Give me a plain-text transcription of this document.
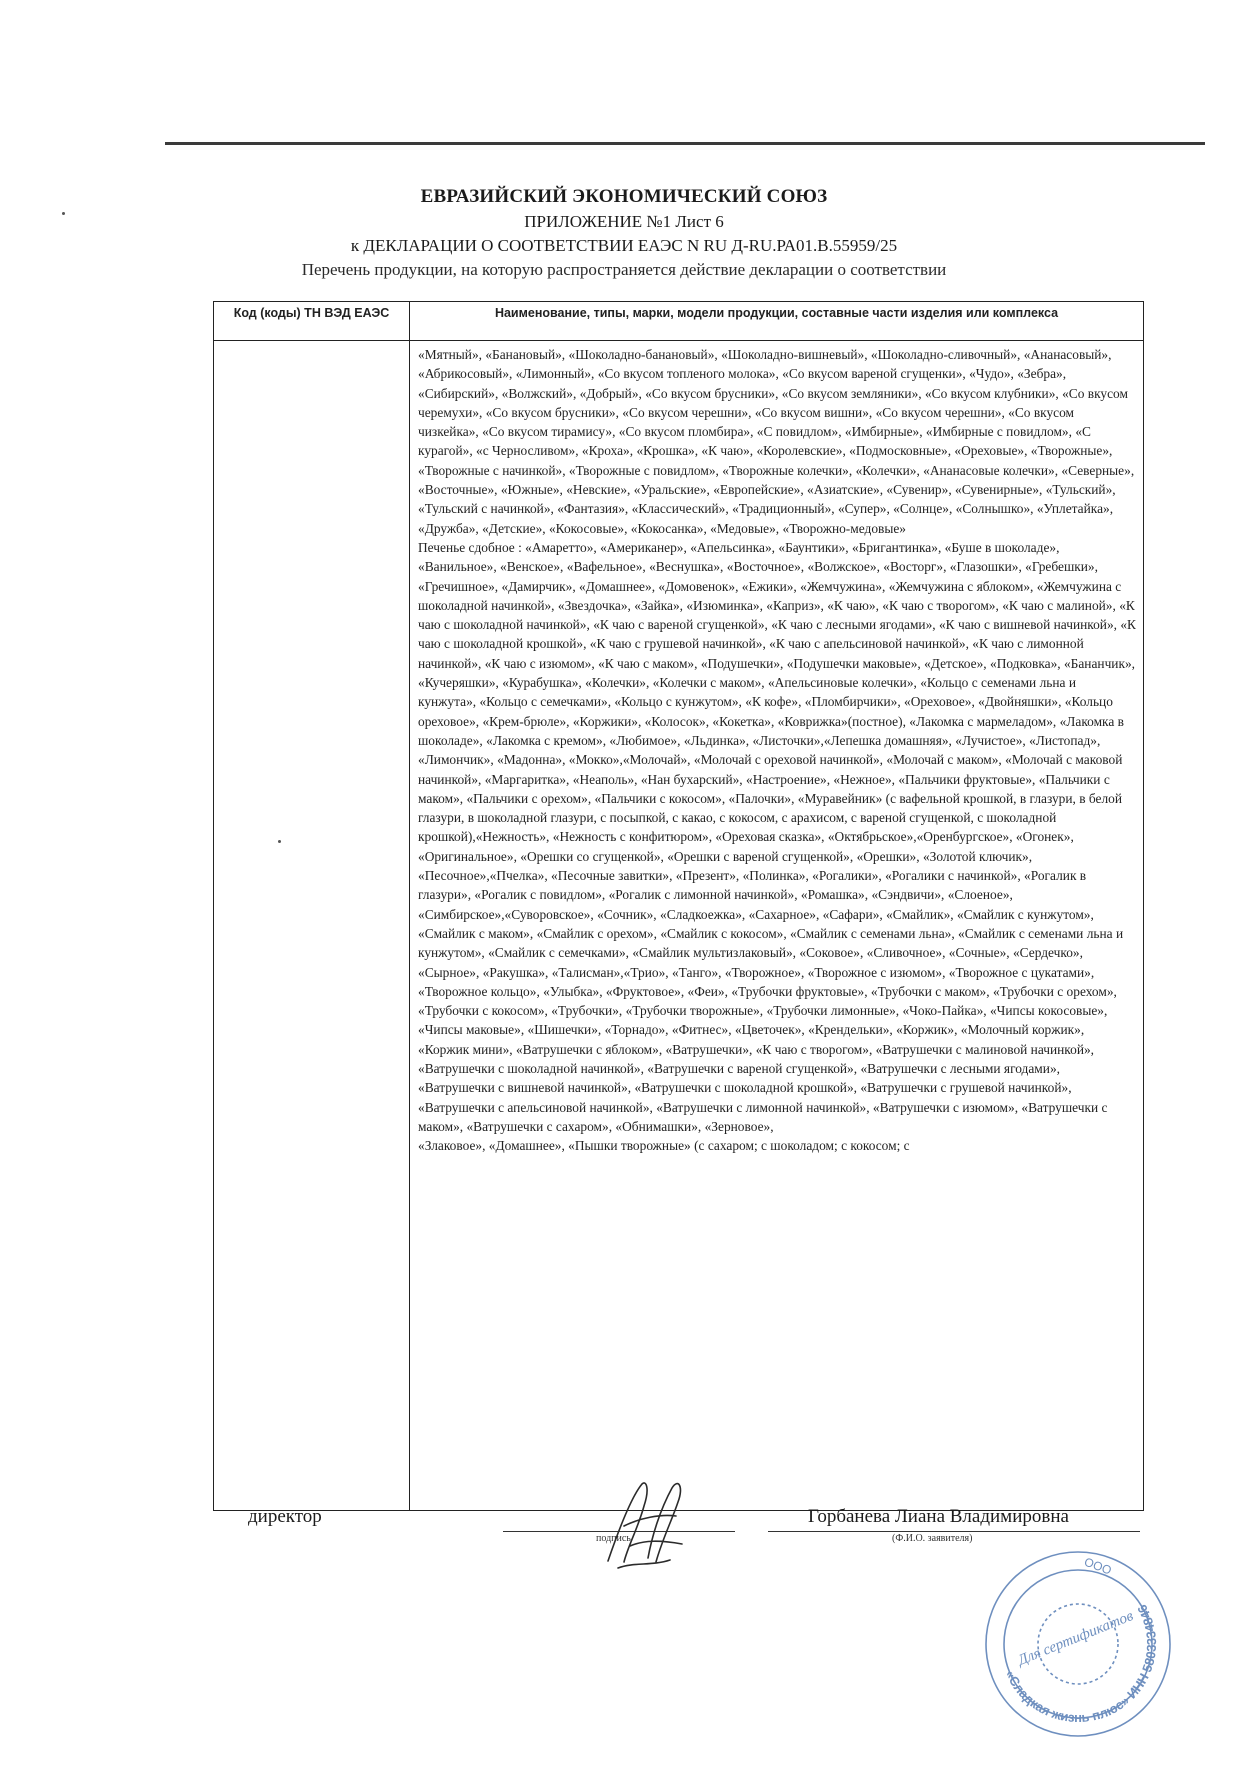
ЕВРАЗИЙСКИЙ ЭКОНОМИЧЕСКИЙ СОЮЗ
ПРИЛОЖЕНИЕ №1 Лист 6
к ДЕКЛАРАЦИИ О СООТВЕТСТВИИ ЕАЭС N RU Д-RU.РА01.В.55959/25
Перечень продукции, на которую распространяется действие декларации о соответствии
Код (коды) ТН ВЭД ЕАЭС	Наименование, типы, марки, модели продукции, составные части изделия или комплекса

	«Мятный», «Банановый», «Шоколадно-банановый», «Шоколадно-вишневый», «Шоколадно-сливочный», «Ананасовый», «Абрикосовый», «Лимонный», «Со вкусом топленого молока», «Со вкусом вареной сгущенки», «Чудо», «Зебра», «Сибирский», «Волжский», «Добрый», «Со вкусом брусники», «Со вкусом земляники», «Со вкусом клубники», «Со вкусом черемухи», «Со вкусом брусники», «Со вкусом черешни», «Со вкусом вишни», «Со вкусом черешни», «Со вкусом чизкейка», «Со вкусом тирамису», «Со вкусом пломбира», «С повидлом», «Имбирные», «Имбирные с повидлом», «С курагой», «с Черносливом», «Кроха», «Крошка», «К чаю», «Королевские», «Подмосковные», «Ореховые», «Творожные», «Творожные с начинкой», «Творожные с повидлом», «Творожные колечки», «Колечки», «Ананасовые колечки», «Северные», «Восточные», «Южные», «Невские», «Уральские», «Европейские», «Азиатские», «Сувенир», «Сувенирные», «Тульский», «Тульский с начинкой», «Фантазия», «Классический», «Традиционный», «Супер», «Солнце», «Солнышко», «Уплетайка», «Дружба», «Детские», «Кокосовые», «Кокосанка», «Медовые», «Творожно-медовые»

Печенье сдобное : «Амаретто», «Американер», «Апельсинка», «Баунтики», «Бригантинка», «Буше в шоколаде», «Ванильное», «Венское», «Вафельное», «Веснушка», «Восточное», «Волжское», «Восторг», «Глазошки», «Гребешки», «Гречишное», «Дамирчик», «Домашнее», «Домовенок», «Ежики», «Жемчужина», «Жемчужина с яблоком», «Жемчужина с шоколадной начинкой», «Звездочка», «Зайка», «Изюминка», «Каприз», «К чаю», «К чаю с творогом», «К чаю с малиной», «К чаю с шоколадной начинкой», «К чаю с вареной сгущенкой», «К чаю с лесными ягодами», «К чаю с вишневой начинкой», «К чаю с шоколадной крошкой», «К чаю с грушевой начинкой», «К чаю с апельсиновой начинкой», «К чаю с лимонной начинкой», «К чаю с изюмом», «К чаю с маком», «Подушечки», «Подушечки маковые», «Детское», «Подковка», «Бананчик», «Кучеряшки», «Курабушка», «Колечки», «Колечки с маком», «Апельсиновые колечки», «Кольцо с семенами льна и кунжута», «Кольцо с семечками», «Кольцо с кунжутом», «К кофе», «Пломбирчики», «Ореховое», «Двойняшки», «Кольцо ореховое», «Крем-брюле», «Коржики», «Колосок», «Кокетка», «Коврижка»(постное), «Лакомка с мармеладом», «Лакомка в шоколаде», «Лакомка с кремом», «Любимое», «Льдинка», «Листочки»,«Лепешка домашняя», «Лучистое», «Листопад», «Лимончик», «Мадонна», «Мокко»,«Молочай», «Молочай с ореховой начинкой», «Молочай с маком», «Молочай с маковой начинкой», «Маргаритка», «Неаполь», «Нан бухарский», «Настроение», «Нежное», «Пальчики фруктовые», «Пальчики с маком», «Пальчики с орехом», «Пальчики с кокосом», «Палочки», «Муравейник» (с вафельной крошкой, в глазури, в белой глазури, в шоколадной глазури, с посыпкой, с какао, с кокосом, с арахисом, с вареной сгущенкой, с шоколадной крошкой),«Нежность», «Нежность с конфитюром», «Ореховая сказка», «Октябрьское»,«Оренбургское», «Огонек», «Оригинальное», «Орешки со сгущенкой», «Орешки с вареной сгущенкой», «Орешки», «Золотой ключик», «Песочное»,«Пчелка», «Песочные завитки», «Презент», «Полинка», «Рогалики», «Рогалики с начинкой», «Рогалик в глазури», «Рогалик с повидлом», «Рогалик с лимонной начинкой», «Ромашка», «Сэндвичи», «Слоеное», «Симбирское»,«Суворовское», «Сочник», «Сладкоежка», «Сахарное», «Сафари», «Смайлик», «Смайлик с кунжутом», «Смайлик с маком», «Смайлик с орехом», «Смайлик с кокосом», «Смайлик с семенами льна», «Смайлик с семенами льна и кунжутом», «Смайлик с семечками», «Смайлик мультизлаковый», «Соковое», «Сливочное», «Сочные», «Сердечко», «Сырное», «Ракушка», «Талисман»,«Трио», «Танго», «Творожное», «Творожное с изюмом», «Творожное с цукатами», «Творожное кольцо», «Улыбка», «Фруктовое», «Феи», «Трубочки фруктовые», «Трубочки с маком», «Трубочки с орехом», «Трубочки с кокосом», «Трубочки», «Трубочки творожные», «Трубочки лимонные», «Чоко-Пайка», «Чипсы кокосовые», «Чипсы маковые», «Шишечки», «Торнадо», «Фитнес», «Цветочек», «Крендельки», «Коржик», «Молочный коржик», «Коржик мини», «Ватрушечки с яблоком», «Ватрушечки», «К чаю с творогом», «Ватрушечки с малиновой начинкой», «Ватрушечки с шоколадной начинкой», «Ватрушечки с вареной сгущенкой», «Ватрушечки с лесными ягодами», «Ватрушечки с вишневой начинкой», «Ватрушечки с шоколадной крошкой», «Ватрушечки с грушевой начинкой», «Ватрушечки с апельсиновой начинкой», «Ватрушечки с лимонной начинкой», «Ватрушечки с изюмом», «Ватрушечки с маком», «Ватрушечки с сахаром», «Обнимашки», «Зерновое»,

«Злаковое», «Домашнее», «Пышки творожные» (с сахаром; с шоколадом; с кокосом; с

директор
подпись
Горбанева Лиана Владимировна
(Ф.И.О. заявителя)
«Сладкая жизнь плюс» ИНН 5803334846
ООО
Для сертификатов
